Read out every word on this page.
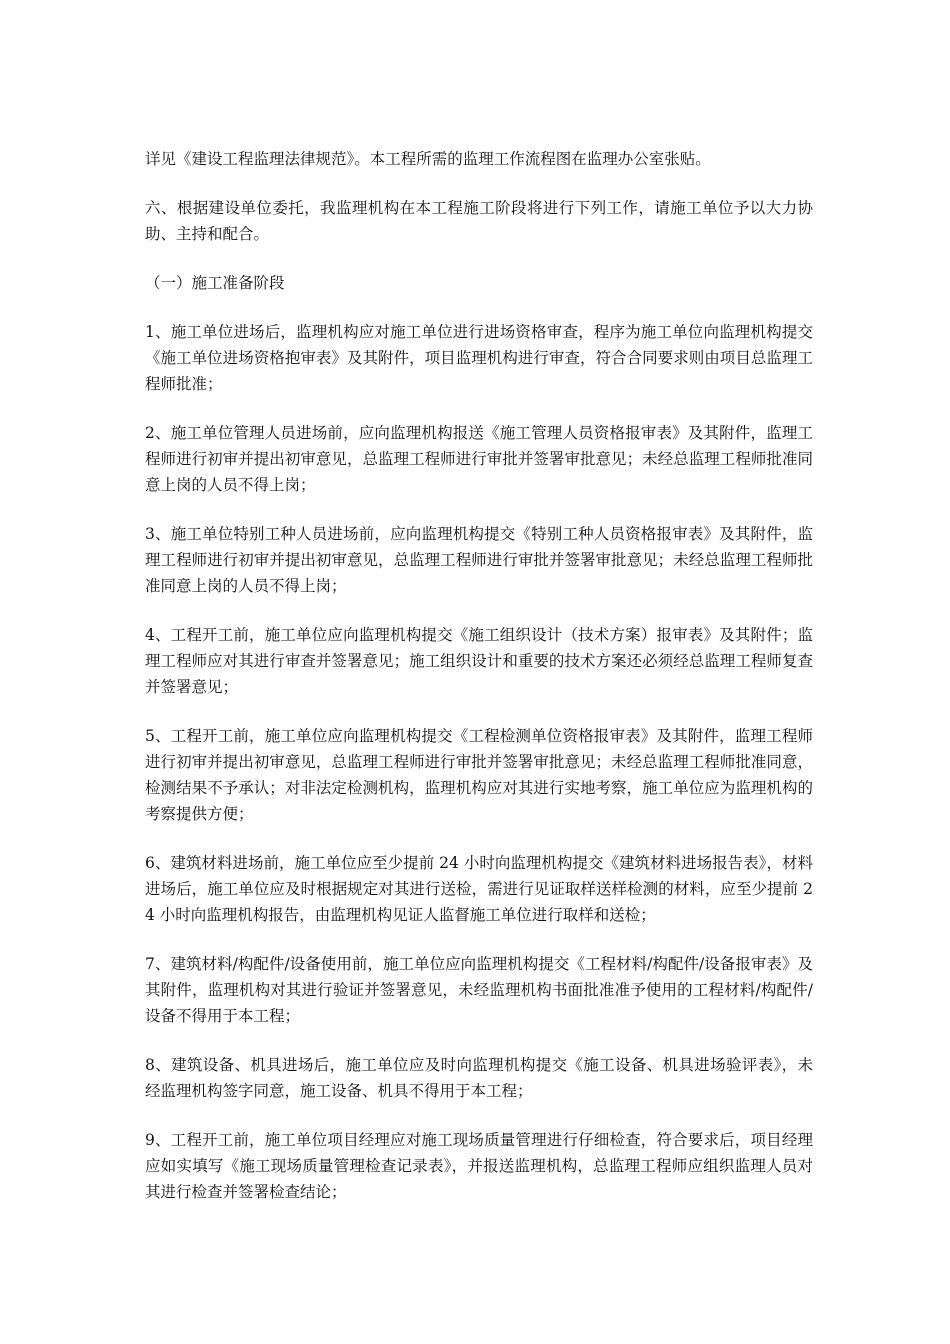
详见《建设工程监理法律规范》。本工程所需的监理工作流程图在监理办公室张贴。

六、根据建设单位委托，我监理机构在本工程施工阶段将进行下列工作，请施工单位予以大力协助、主持和配合。

（一）施工准备阶段

1、施工单位进场后，监理机构应对施工单位进行进场资格审查，程序为施工单位向监理机构提交《施工单位进场资格抱审表》及其附件，项目监理机构进行审查，符合合同要求则由项目总监理工程师批准；

2、施工单位管理人员进场前，应向监理机构报送《施工管理人员资格报审表》及其附件，监理工程师进行初审并提出初审意见，总监理工程师进行审批并签署审批意见；未经总监理工程师批准同意上岗的人员不得上岗；

3、施工单位特别工种人员进场前，应向监理机构提交《特别工种人员资格报审表》及其附件，监理工程师进行初审并提出初审意见，总监理工程师进行审批并签署审批意见；未经总监理工程师批准同意上岗的人员不得上岗；

4、工程开工前，施工单位应向监理机构提交《施工组织设计（技术方案）报审表》及其附件；监理工程师应对其进行审查并签署意见；施工组织设计和重要的技术方案还必须经总监理工程师复查并签署意见；

5、工程开工前，施工单位应向监理机构提交《工程检测单位资格报审表》及其附件，监理工程师进行初审并提出初审意见，总监理工程师进行审批并签署审批意见；未经总监理工程师批准同意，检测结果不予承认；对非法定检测机构，监理机构应对其进行实地考察，施工单位应为监理机构的考察提供方便；

6、建筑材料进场前，施工单位应至少提前 24 小时向监理机构提交《建筑材料进场报告表》，材料进场后，施工单位应及时根据规定对其进行送检，需进行见证取样送样检测的材料，应至少提前 24 小时向监理机构报告，由监理机构见证人监督施工单位进行取样和送检；

7、建筑材料/构配件/设备使用前，施工单位应向监理机构提交《工程材料/构配件/设备报审表》及其附件，监理机构对其进行验证并签署意见，未经监理机构书面批准准予使用的工程材料/构配件/设备不得用于本工程；

8、建筑设备、机具进场后，施工单位应及时向监理机构提交《施工设备、机具进场验评表》，未经监理机构签字同意，施工设备、机具不得用于本工程；

9、工程开工前，施工单位项目经理应对施工现场质量管理进行仔细检查，符合要求后，项目经理应如实填写《施工现场质量管理检查记录表》，并报送监理机构，总监理工程师应组织监理人员对其进行检查并签署检查结论；
